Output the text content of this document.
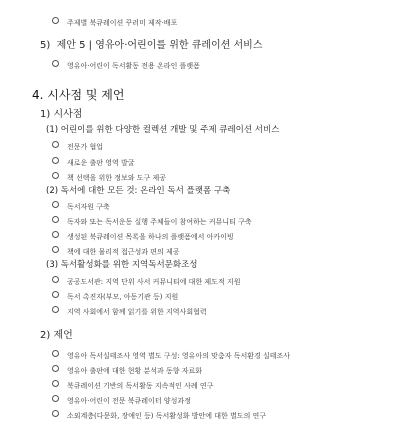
주제별 북큐레이션 꾸러미 제작·배포
5) 제안 5 | 영유아·어린이를 위한 큐레이션 서비스
영유아·어린이 독서활동 전용 온라인 플랫폼
4. 시사점 및 제언
1) 시사점
(1) 어린이를 위한 다양한 컬렉션 개발 및 주제 큐레이션 서비스
전문가 협업
새로운 출판 영역 발굴
책 선택을 위한 정보와 도구 제공
(2) 독서에 대한 모든 것: 온라인 독서 플랫폼 구축
독서자원 구축
독자와 또는 독서운동 실행 주체들이 참여하는 커뮤니티 구축
생성된 북큐레이션 목록을 하나의 플랫폼에서 아카이빙
책에 대한 물리적 접근성과 편의 제공
(3) 독서활성화를 위한 지역독서문화조성
공공도서관: 지역 단위 사서 커뮤니티에 대한 제도적 지원
독서 촉진자(부모, 아동기관 등) 지원
지역 사회에서 함께 읽기를 위한 지역사회협력
2) 제언
영유아 독서실태조사 영역 별도 구성: 영유아의 맞춤자 독서환경 실태조사
영유아 출판에 대한 현황 분석과 동향 자료화
북큐레이션 기반의 독서활동 지속적인 사례 연구
영유아·어린이 전문 북큐레이터 양성과정
소외계층(다문화, 장애인 등) 독서활성화 방안에 대한 별도의 연구
